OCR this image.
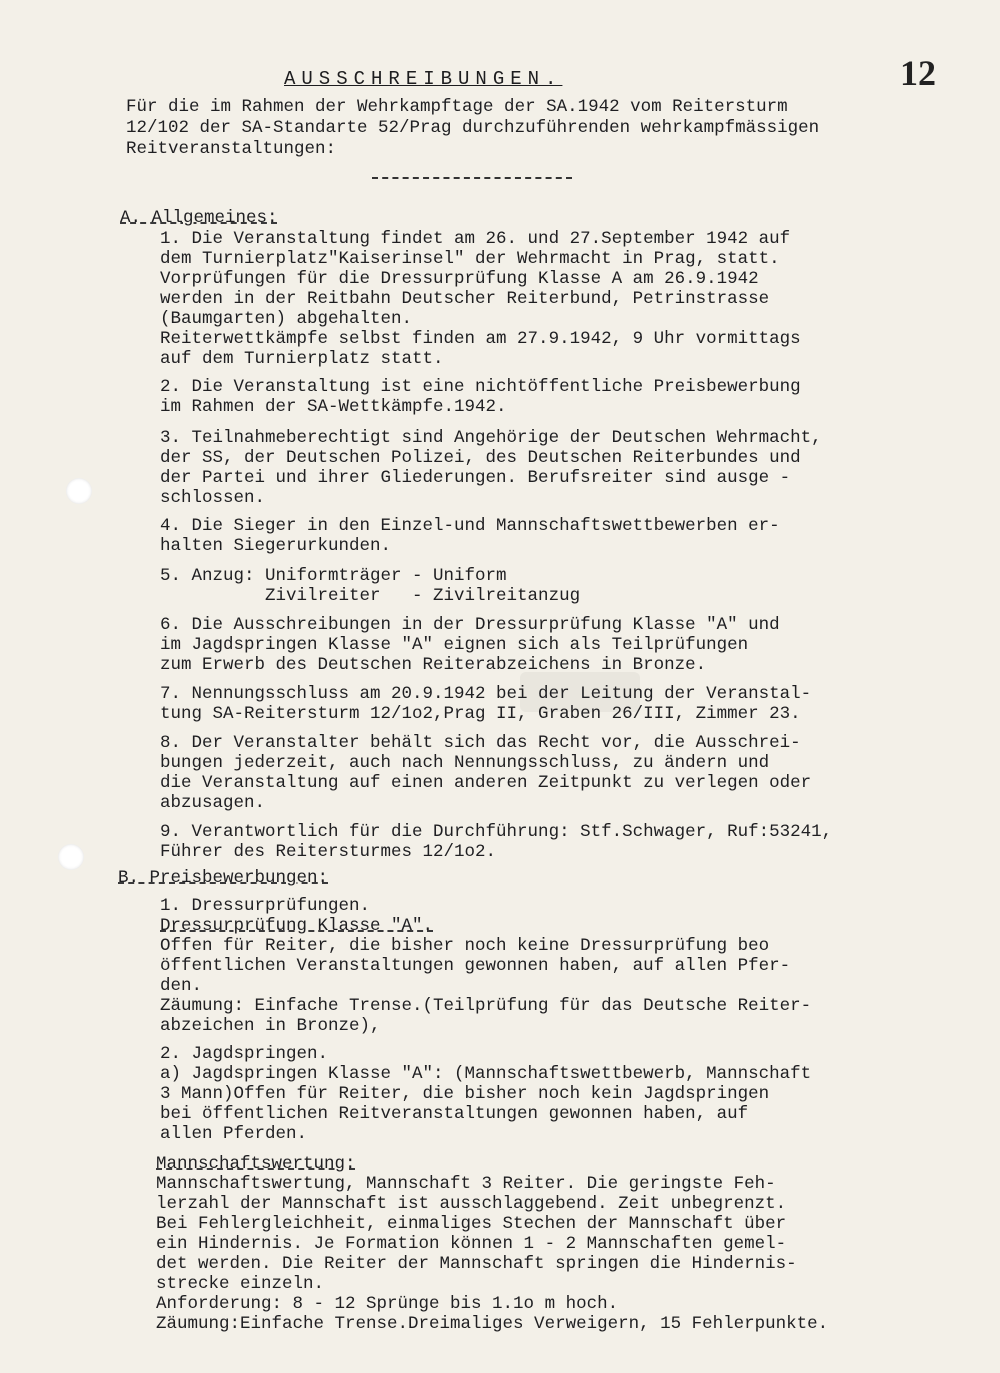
12
AUSSCHREIBUNGEN.
Für die im Rahmen der Wehrkampftage der SA.1942 vom Reitersturm
12/102 der SA-Standarte 52/Prag durchzuführenden wehrkampfmässigen
Reitveranstaltungen:
A. Allgemeines:
1. Die Veranstaltung findet am 26. und 27.September 1942 auf
dem Turnierplatz"Kaiserinsel" der Wehrmacht in Prag, statt.
Vorprüfungen für die Dressurprüfung Klasse A am 26.9.1942
werden in der Reitbahn Deutscher Reiterbund, Petrinstrasse
(Baumgarten) abgehalten.
Reiterwettkämpfe selbst finden am 27.9.1942, 9 Uhr vormittags
auf dem Turnierplatz statt.
2. Die Veranstaltung ist eine nichtöffentliche Preisbewerbung
im Rahmen der SA-Wettkämpfe.1942.
3. Teilnahmeberechtigt sind Angehörige der Deutschen Wehrmacht,
der SS, der Deutschen Polizei, des Deutschen Reiterbundes und
der Partei und ihrer Gliederungen. Berufsreiter sind ausge -
schlossen.
4. Die Sieger in den Einzel-und Mannschaftswettbewerben er-
halten Siegerurkunden.
5. Anzug: Uniformträger - Uniform
Zivilreiter   - Zivilreitanzug
6. Die Ausschreibungen in der Dressurprüfung Klasse "A" und
im Jagdspringen Klasse "A" eignen sich als Teilprüfungen
zum Erwerb des Deutschen Reiterabzeichens in Bronze.
7. Nennungsschluss am 20.9.1942 bei der Leitung der Veranstal-
tung SA-Reitersturm 12/1o2,Prag II, Graben 26/III, Zimmer 23.
8. Der Veranstalter behält sich das Recht vor, die Ausschrei-
bungen jederzeit, auch nach Nennungsschluss, zu ändern und
die Veranstaltung auf einen anderen Zeitpunkt zu verlegen oder
abzusagen.
9. Verantwortlich für die Durchführung: Stf.Schwager, Ruf:53241,
Führer des Reitersturmes 12/1o2.
B. Preisbewerbungen:
1. Dressurprüfungen.
Dressurprüfung Klasse "A".
Offen für Reiter, die bisher noch keine Dressurprüfung beo
öffentlichen Veranstaltungen gewonnen haben, auf allen Pfer-
den.
Zäumung: Einfache Trense.(Teilprüfung für das Deutsche Reiter-
abzeichen in Bronze),
2. Jagdspringen.
a) Jagdspringen Klasse "A": (Mannschaftswettbewerb, Mannschaft
3 Mann)Offen für Reiter, die bisher noch kein Jagdspringen
bei öffentlichen Reitveranstaltungen gewonnen haben, auf
allen Pferden.
Mannschaftswertung:
Mannschaftswertung, Mannschaft 3 Reiter. Die geringste Feh-
lerzahl der Mannschaft ist ausschlaggebend. Zeit unbegrenzt.
Bei Fehlergleichheit, einmaliges Stechen der Mannschaft über
ein Hindernis. Je Formation können 1 - 2 Mannschaften gemel-
det werden. Die Reiter der Mannschaft springen die Hindernis-
strecke einzeln.
Anforderung: 8 - 12 Sprünge bis 1.1o m hoch.
Zäumung:Einfache Trense.Dreimaliges Verweigern, 15 Fehlerpunkte.
